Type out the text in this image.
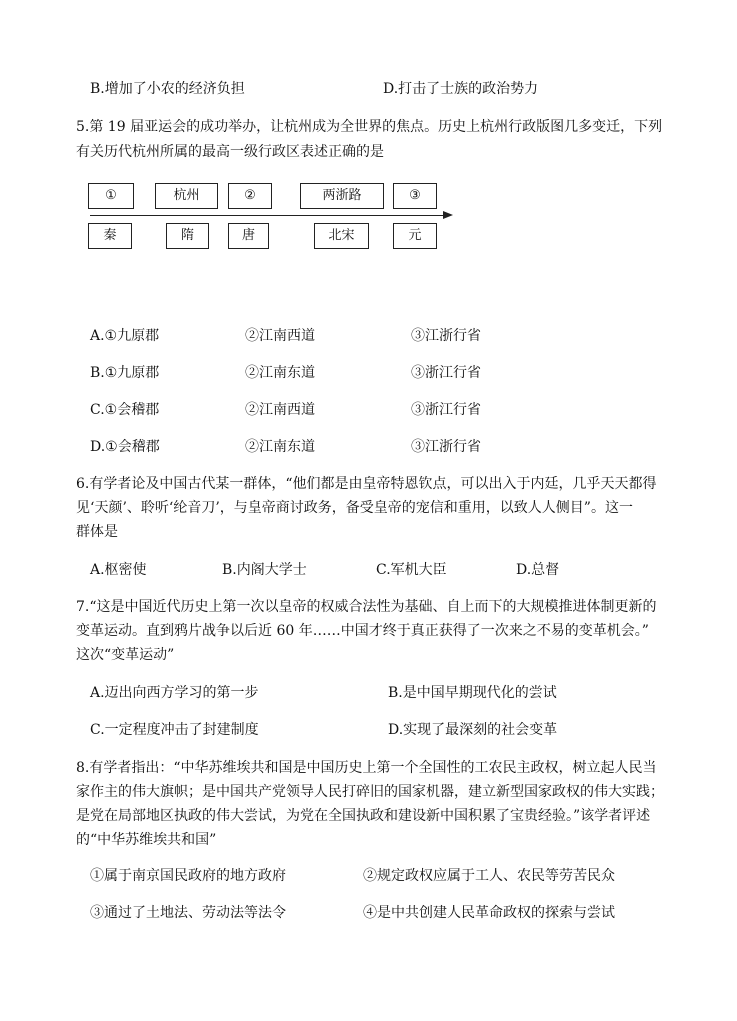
B.增加了小农的经济负担	D.打击了士族的政治势力
5.第 19 届亚运会的成功举办，让杭州成为全世界的焦点。历史上杭州行政版图几多变迁，下列
有关历代杭州所属的最高一级行政区表述正确的是
①	杭州	②	两浙路	③
秦	隋	唐	北宋	元
A.①九原郡	②江南西道	③江浙行省
B.①九原郡	②江南东道	③浙江行省
C.①会稽郡	②江南西道	③浙江行省
D.①会稽郡	②江南东道	③江浙行省
6.有学者论及中国古代某一群体，“他们都是由皇帝特恩钦点，可以出入于内廷，几乎天天都得
见‘天颜’、聆听‘纶音刀’，与皇帝商讨政务，备受皇帝的宠信和重用，以致人人侧目”。这一
群体是
A.枢密使	B.内阁大学士	C.军机大臣	D.总督
7.“这是中国近代历史上第一次以皇帝的权威合法性为基础、自上而下的大规模推进体制更新的
变革运动。直到鸦片战争以后近 60 年……中国才终于真正获得了一次来之不易的变革机会。”
这次“变革运动”
A.迈出向西方学习的第一步	B.是中国早期现代化的尝试
C.一定程度冲击了封建制度	D.实现了最深刻的社会变革
8.有学者指出：“中华苏维埃共和国是中国历史上第一个全国性的工农民主政权，树立起人民当
家作主的伟大旗帜；是中国共产党领导人民打碎旧的国家机器，建立新型国家政权的伟大实践；
是党在局部地区执政的伟大尝试，为党在全国执政和建设新中国积累了宝贵经验。”该学者评述
的“中华苏维埃共和国”
①属于南京国民政府的地方政府	②规定政权应属于工人、农民等劳苦民众
③通过了土地法、劳动法等法令	④是中共创建人民革命政权的探索与尝试
